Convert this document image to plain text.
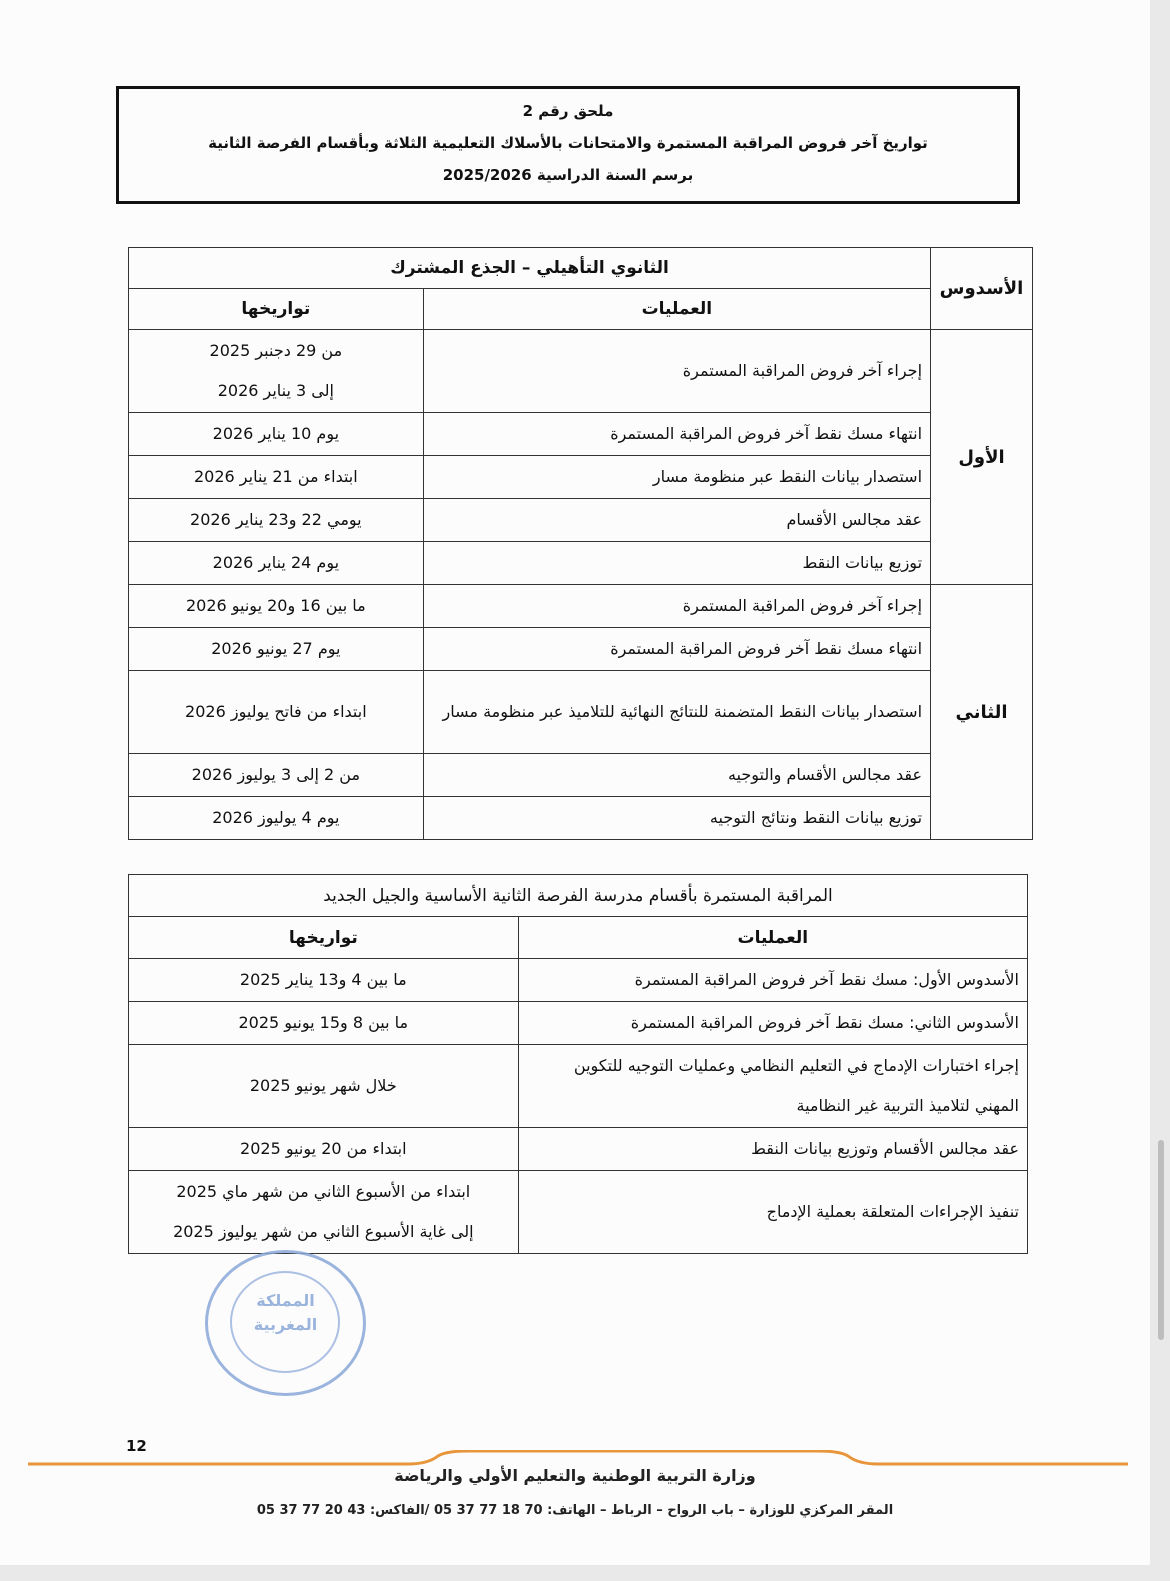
ملحق رقم 2
تواريخ آخر فروض المراقبة المستمرة والامتحانات بالأسلاك التعليمية الثلاثة وبأقسام الفرصة الثانية
برسم السنة الدراسية 2025/2026
الأسدوس	الثانوي التأهيلي – الجذع المشترك	
	العمليات	تواريخها
الأول	إجراء آخر فروض المراقبة المستمرة	من 29 دجنبر 2025
إلى 3 يناير 2026

	انتهاء مسك نقط آخر فروض المراقبة المستمرة	يوم 10 يناير 2026

	استصدار بيانات النقط عبر منظومة مسار	ابتداء من 21 يناير 2026

	عقد مجالس الأقسام	يومي 22 و23 يناير 2026

	توزيع بيانات النقط	يوم 24 يناير 2026

الثاني	إجراء آخر فروض المراقبة المستمرة	ما بين 16 و20 يونيو 2026

	انتهاء مسك نقط آخر فروض المراقبة المستمرة	يوم 27 يونيو 2026

	استصدار بيانات النقط المتضمنة للنتائج النهائية للتلاميذ عبر منظومة مسار	ابتداء من فاتح يوليوز 2026

	عقد مجالس الأقسام والتوجيه	من 2 إلى 3 يوليوز 2026

	توزيع بيانات النقط ونتائج التوجيه	يوم 4 يوليوز 2026
المراقبة المستمرة بأقسام مدرسة الفرصة الثانية الأساسية والجيل الجديد	
العمليات	تواريخها
الأسدوس الأول: مسك نقط آخر فروض المراقبة المستمرة	ما بين 4 و13 يناير 2025

الأسدوس الثاني: مسك نقط آخر فروض المراقبة المستمرة	ما بين 8 و15 يونيو 2025

إجراء اختبارات الإدماج في التعليم النظامي وعمليات التوجيه للتكوين المهني لتلاميذ التربية غير النظامية	خلال شهر يونيو 2025

عقد مجالس الأقسام وتوزيع بيانات النقط	ابتداء من 20 يونيو 2025

تنفيذ الإجراءات المتعلقة بعملية الإدماج	ابتداء من الأسبوع الثاني من شهر ماي 2025
إلى غاية الأسبوع الثاني من شهر يوليوز 2025
المملكة
المغربية
12
وزارة التربية الوطنية والتعليم الأولي والرياضة
المقر المركزي للوزارة – باب الرواح – الرباط – الهاتف: 70 18 77 37 05 /الفاكس: 43 20 77 37 05
